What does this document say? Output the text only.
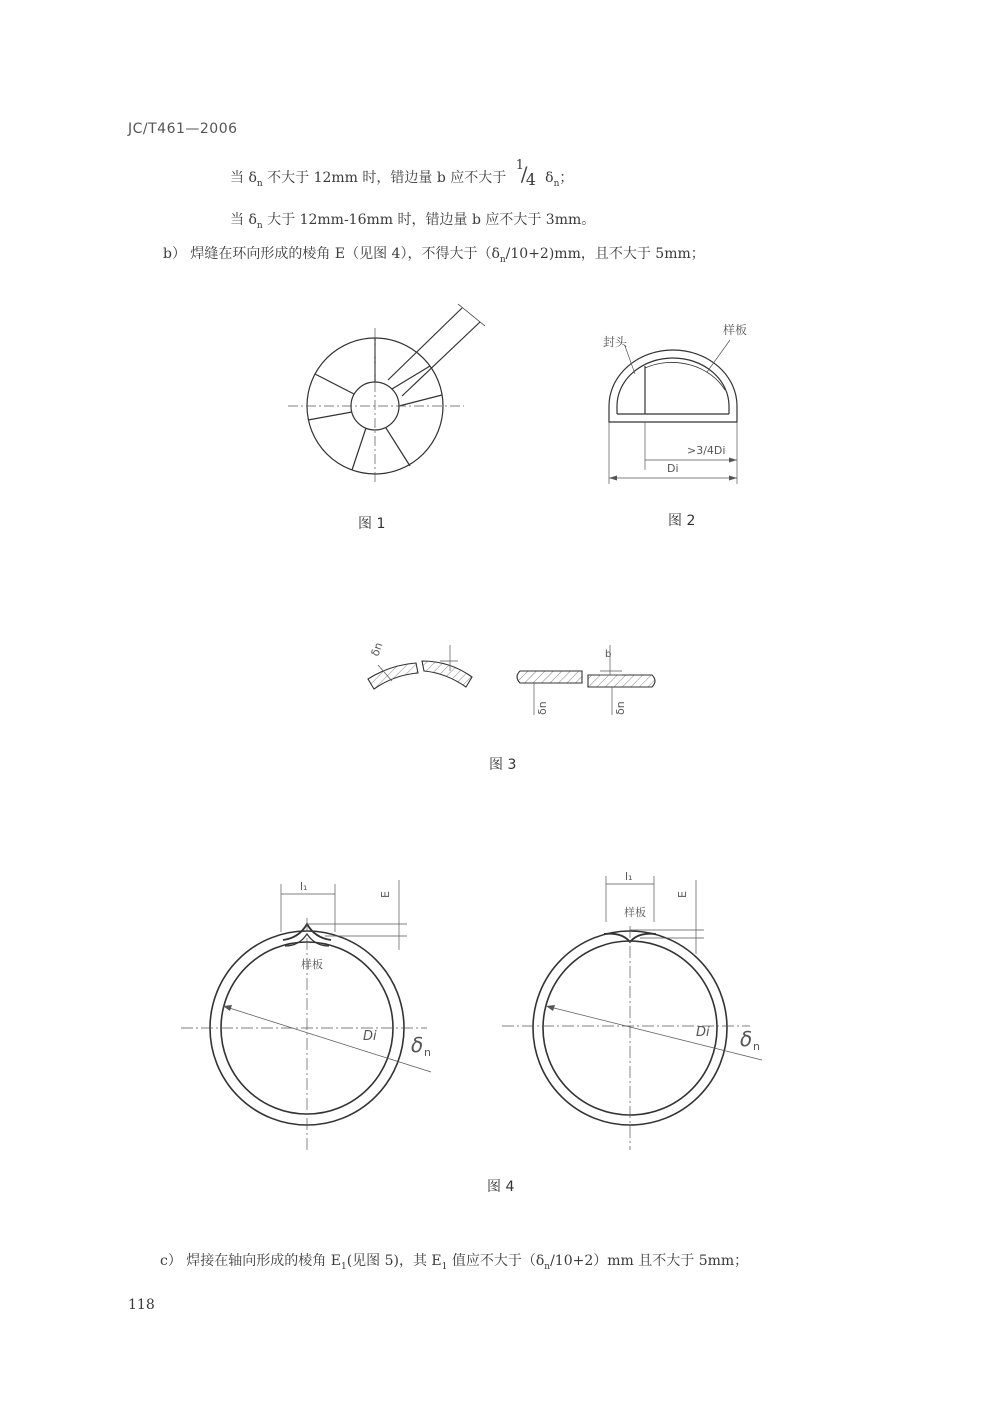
JC/T461—2006
当 $\delta_n$ 不大于 12mm 时，错边量 b 应不大于
1
/
4 $\delta_n$；
当 $\delta_n$ 大于 12mm-16mm 时，错边量 b 应不大于 3mm。
b） 焊缝在环向形成的棱角 E（见图 4），不得大于$(\delta_n/10+2)mm$，且不大于 5mm；
图 1
封头
样板
>3/4Di
Di
图 2
δn	b
δn	δn
图 3
l₁
E
样板
Di δ n
l₁
E
样板
Di δ n
图 4
c） 焊接在轴向形成的棱角 $E_1$(见图 5)，其 $E_1$ 值应不大于$(\delta_n/10+2)mm$ 且不大于 5mm；
118
